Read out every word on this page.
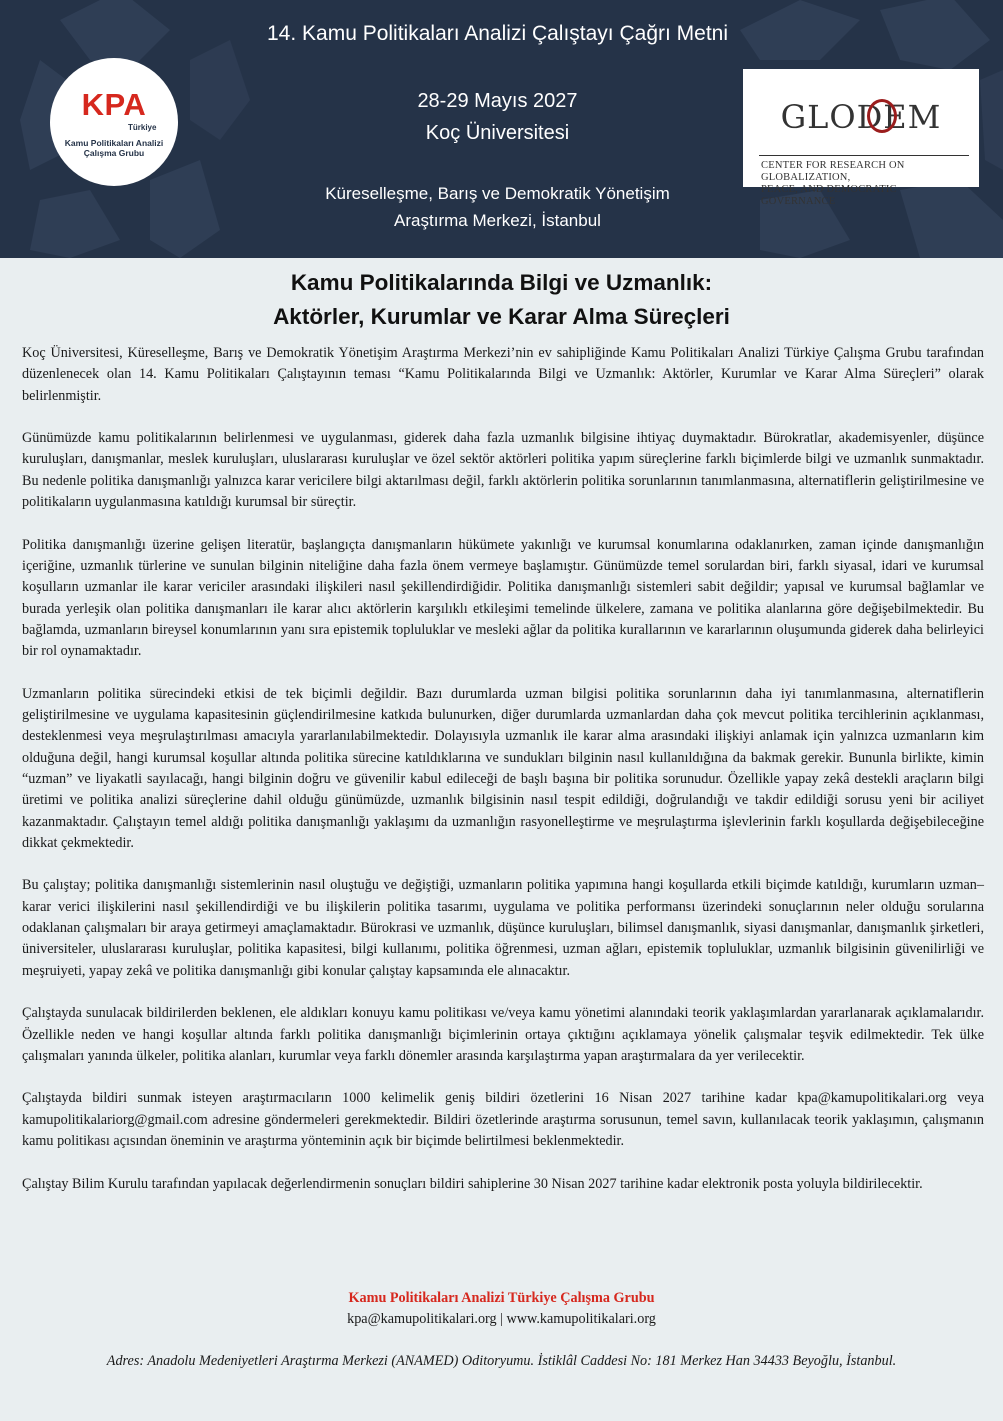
KPA
Türkiye
Kamu Politikaları Analizi
Çalışma Grubu
14. Kamu Politikaları Analizi Çalıştayı Çağrı Metni
28-29 Mayıs 2027
Koç Üniversitesi
Küreselleşme, Barış ve Demokratik Yönetişim
Araştırma Merkezi, İstanbul
GLODEM
CENTER FOR RESEARCH ON GLOBALIZATION,
PEACE, AND DEMOCRATIC GOVERNANCE
Kamu Politikalarında Bilgi ve Uzmanlık:
Aktörler, Kurumlar ve Karar Alma Süreçleri

Koç Üniversitesi, Küreselleşme, Barış ve Demokratik Yönetişim Araştırma Merkezi’nin ev sahipliğinde Kamu Politikaları Analizi Türkiye Çalışma Grubu tarafından düzenlenecek olan 14. Kamu Politikaları Çalıştayının teması “Kamu Politikalarında Bilgi ve Uzmanlık: Aktörler, Kurumlar ve Karar Alma Süreçleri” olarak belirlenmiştir.

Günümüzde kamu politikalarının belirlenmesi ve uygulanması, giderek daha fazla uzmanlık bilgisine ihtiyaç duymaktadır. Bürokratlar, akademisyenler, düşünce kuruluşları, danışmanlar, meslek kuruluşları, uluslararası kuruluşlar ve özel sektör aktörleri politika yapım süreçlerine farklı biçimlerde bilgi ve uzmanlık sunmaktadır. Bu nedenle politika danışmanlığı yalnızca karar vericilere bilgi aktarılması değil, farklı aktörlerin politika sorunlarının tanımlanmasına, alternatiflerin geliştirilmesine ve politikaların uygulanmasına katıldığı kurumsal bir süreçtir.

Politika danışmanlığı üzerine gelişen literatür, başlangıçta danışmanların hükümete yakınlığı ve kurumsal konumlarına odaklanırken, zaman içinde danışmanlığın içeriğine, uzmanlık türlerine ve sunulan bilginin niteliğine daha fazla önem vermeye başlamıştır. Günümüzde temel sorulardan biri, farklı siyasal, idari ve kurumsal koşulların uzmanlar ile karar vericiler arasındaki ilişkileri nasıl şekillendirdiğidir. Politika danışmanlığı sistemleri sabit değildir; yapısal ve kurumsal bağlamlar ve burada yerleşik olan politika danışmanları ile karar alıcı aktörlerin karşılıklı etkileşimi temelinde ülkelere, zamana ve politika alanlarına göre değişebilmektedir. Bu bağlamda, uzmanların bireysel konumlarının yanı sıra epistemik topluluklar ve mesleki ağlar da politika kurallarının ve kararlarının oluşumunda giderek daha belirleyici bir rol oynamaktadır.

Uzmanların politika sürecindeki etkisi de tek biçimli değildir. Bazı durumlarda uzman bilgisi politika sorunlarının daha iyi tanımlanmasına, alternatiflerin geliştirilmesine ve uygulama kapasitesinin güçlendirilmesine katkıda bulunurken, diğer durumlarda uzmanlardan daha çok mevcut politika tercihlerinin açıklanması, desteklenmesi veya meşrulaştırılması amacıyla yararlanılabilmektedir. Dolayısıyla uzmanlık ile karar alma arasındaki ilişkiyi anlamak için yalnızca uzmanların kim olduğuna değil, hangi kurumsal koşullar altında politika sürecine katıldıklarına ve sundukları bilginin nasıl kullanıldığına da bakmak gerekir. Bununla birlikte, kimin “uzman” ve liyakatli sayılacağı, hangi bilginin doğru ve güvenilir kabul edileceği de başlı başına bir politika sorunudur. Özellikle yapay zekâ destekli araçların bilgi üretimi ve politika analizi süreçlerine dahil olduğu günümüzde, uzmanlık bilgisinin nasıl tespit edildiği, doğrulandığı ve takdir edildiği sorusu yeni bir aciliyet kazanmaktadır. Çalıştayın temel aldığı politika danışmanlığı yaklaşımı da uzmanlığın rasyonelleştirme ve meşrulaştırma işlevlerinin farklı koşullarda değişebileceğine dikkat çekmektedir.

Bu çalıştay; politika danışmanlığı sistemlerinin nasıl oluştuğu ve değiştiği, uzmanların politika yapımına hangi koşullarda etkili biçimde katıldığı, kurumların uzman–karar verici ilişkilerini nasıl şekillendirdiği ve bu ilişkilerin politika tasarımı, uygulama ve politika performansı üzerindeki sonuçlarının neler olduğu sorularına odaklanan çalışmaları bir araya getirmeyi amaçlamaktadır. Bürokrasi ve uzmanlık, düşünce kuruluşları, bilimsel danışmanlık, siyasi danışmanlar, danışmanlık şirketleri, üniversiteler, uluslararası kuruluşlar, politika kapasitesi, bilgi kullanımı, politika öğrenmesi, uzman ağları, epistemik topluluklar, uzmanlık bilgisinin güvenilirliği ve meşruiyeti, yapay zekâ ve politika danışmanlığı gibi konular çalıştay kapsamında ele alınacaktır.

Çalıştayda sunulacak bildirilerden beklenen, ele aldıkları konuyu kamu politikası ve/veya kamu yönetimi alanındaki teorik yaklaşımlardan yararlanarak açıklamalarıdır. Özellikle neden ve hangi koşullar altında farklı politika danışmanlığı biçimlerinin ortaya çıktığını açıklamaya yönelik çalışmalar teşvik edilmektedir. Tek ülke çalışmaları yanında ülkeler, politika alanları, kurumlar veya farklı dönemler arasında karşılaştırma yapan araştırmalara da yer verilecektir.

Çalıştayda bildiri sunmak isteyen araştırmacıların 1000 kelimelik geniş bildiri özetlerini 16 Nisan 2027 tarihine kadar kpa@kamupolitikalari.org veya kamupolitikalariorg@gmail.com adresine göndermeleri gerekmektedir. Bildiri özetlerinde araştırma sorusunun, temel savın, kullanılacak teorik yaklaşımın, çalışmanın kamu politikası açısından öneminin ve araştırma yönteminin açık bir biçimde belirtilmesi beklenmektedir.

Çalıştay Bilim Kurulu tarafından yapılacak değerlendirmenin sonuçları bildiri sahiplerine 30 Nisan 2027 tarihine kadar elektronik posta yoluyla bildirilecektir.

Kamu Politikaları Analizi Türkiye Çalışma Grubu
kpa@kamupolitikalari.org | www.kamupolitikalari.org
Adres: Anadolu Medeniyetleri Araştırma Merkezi (ANAMED) Oditoryumu. İstiklâl Caddesi No: 181 Merkez Han 34433 Beyoğlu, İstanbul.
